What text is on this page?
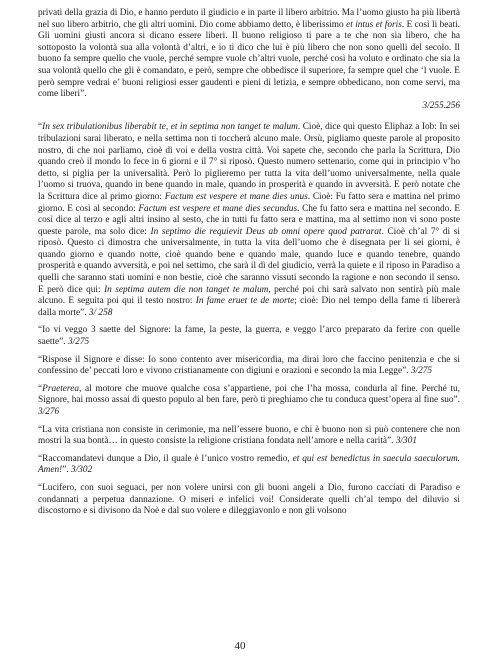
privati della grazia di Dio, e hanno perduto il giudicio e in parte il libero arbitrio. Ma l’uomo giusto ha più libertà nel suo libero arbitrio, che gli altri uomini. Dio come abbiamo detto, è liberissimo et intus et foris. E così li beati. Gli uomini giusti ancora si dicano essere liberi. Il buono religioso ti pare a te che non sia libero, che ha sottoposto la volontà sua alla volontà d’altri, e io ti dico che lui è più libero che non sono quelli del secolo. Il buono fa sempre quello che vuole, perché sempre vuole ch’altri vuole, perché così ha voluto e ordinato che sia la sua volontà quello che gli è comandato, e però, sempre che obbedisce il superiore, fa sempre quel che ‘l vuole. E però sempre vedrai e’ buoni religiosi esser gaudenti e pieni di letizia, e sempre obbedicano, non come servi, ma come liberi”.

3/255.256

“In sex tribulationibus liberabit te, et in septima non tanget te malum. Cioè, dice qui questo Eliphaz a Iob: In sei tribulazioni sarai liberato, e nella settima non ti toccherà alcuno male. Orsù, pigliamo queste parole al proposito nostro, di che noi parliamo, cioè di voi e della vostra città. Voi sapete che, secondo che parla la Scrittura, Dio quando creò il mondo lo fece in 6 giorni e il 7° si riposò. Questo numero settenario, come qui in principio v’ho detto, si piglia per la universalità. Però lo piglieremo per tutta la vita dell’uomo universalmente, nella quale l’uomo si truova, quando in bene quando in male, quando in prosperità e quando in avversità. E però notate che la Scrittura dice al primo giorno: Factum est vespere et mane dies unus. Cioè: Fu fatto sera e mattina nel primo giorno. E così al secondo: Factum est vespere et mane dies secundus. Che fu fatto sera e mattina nel secondo. E così dice al terzo e agli altri insino al sesto, che in tutti fu fatto sera e mattina, ma al settimo non vi sono poste queste parole, ma solo dice: In septimo die requievit Deus ab omni opere quod patrarat. Cioè ch’al 7° dì si riposò. Questo ci dimostra che universalmente, in tutta la vita dell’uomo che è disegnata per li sei giorni, è quando giorno e quando notte, cioè quando bene e quando male, quando luce e quando tenebre, quando prosperità e quando avversità, e poi nel settimo, che sarà il dì del giudicio, verrà la quiete e il riposo in Paradiso a quelli che saranno stati uomini e non bestie, cioè che saranno vissuti secondo la ragione e non secondo il senso. E però dice qui: In septima autem die non tanget te malum, perché poi chi sarà salvato non sentirà più male alcuno. E seguita poi qui il testo nostro: In fame eruet te de morte; cioè: Dio nel tempo della fame ti libererà dalla morte”. 3/ 258

“Io vi veggo 3 saette del Signore: la fame, la peste, la guerra, e veggo l’arco preparato da ferire con quelle saette”. 3/275

“Rispose il Signore e disse: Io sono contento aver misericordia, ma dirai loro che faccino penitenzia e che si confessino de’ peccati loro e vivono cristianamente con digiuni e orazioni e secondo la mia Legge”. 3/275

“Praeterea, al motore che muove qualche cosa s’appartiene, poi che l’ha mossa, condurla al fine. Perché tu, Signore, hai mosso assai di questo populo al ben fare, però ti preghiamo che tu conduca quest’opera al fine suo”. 3/276

“La vita cristiana non consiste in cerimonie, ma nell’essere buono, e chi è buono non si può contenere che non mostri la sua bontà… in questo consiste la religione cristiana fondata nell’amore e nella carità”. 3/301

“Raccomandatevi dunque a Dio, il quale è l’unico vostro remedio, et qui est benedictus in saecula saeculorum. Amen!”. 3/302

“Lucifero, con suoi seguaci, per non volere unirsi con gli buoni angeli a Dio, furono cacciati di Paradiso e condannati a perpetua dannazione. O miseri e infelici voi! Considerate quelli ch’al tempo del diluvio si discostorno e si divisono da Noè e dal suo volere e dileggiavonlo e non gli volsono

40
